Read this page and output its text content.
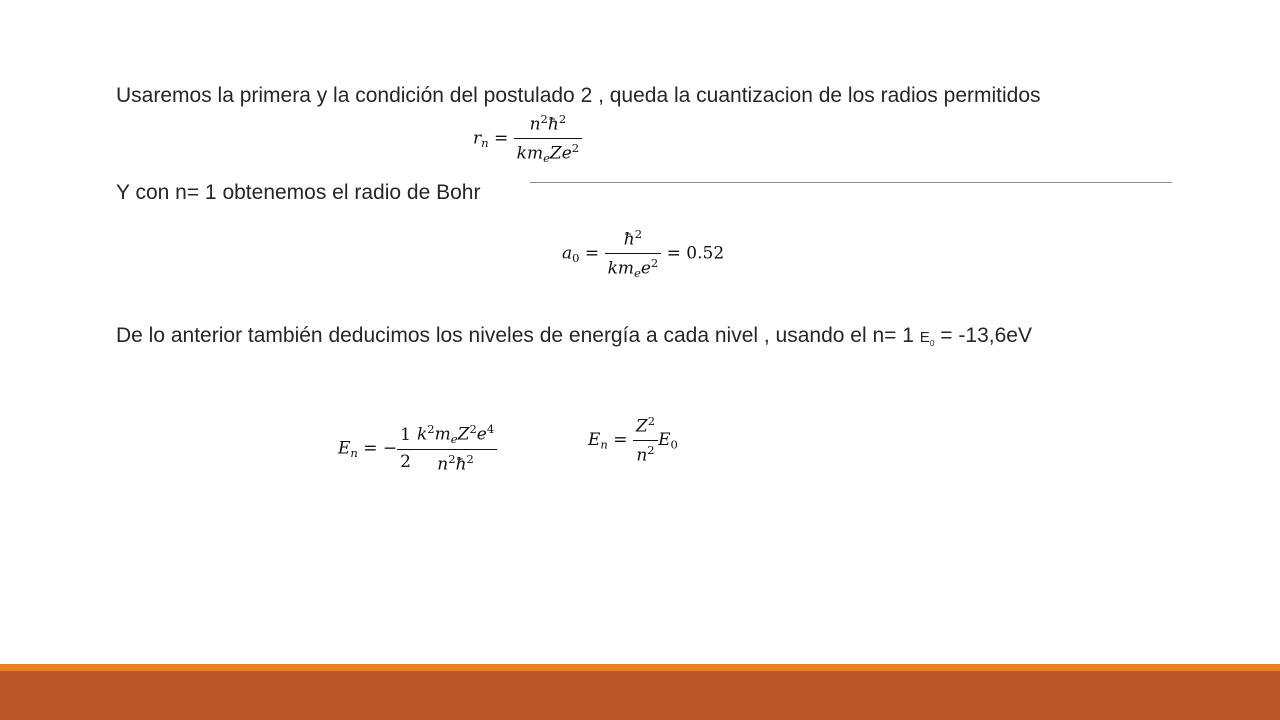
Usaremos la primera y la condición del postulado 2 , queda la cuantizacion de los radios permitidos
$r_n = \frac{n^2ħ^2}{km_eZe^2}$
Y con n= 1 obtenemos el radio de Bohr
$a_0 = \frac{ħ^2}{km_ee^2} = 0.52$
De lo anterior también deducimos los niveles de energía a cada nivel , usando el n= 1 $E_0 = -13,6eV$
$E_n$ = − $\frac{1}{2} \frac{k^2m_eZ^2e^4}{n^2ħ^2}$	$E_n = \frac{Z^2}{n^2} E_0$
